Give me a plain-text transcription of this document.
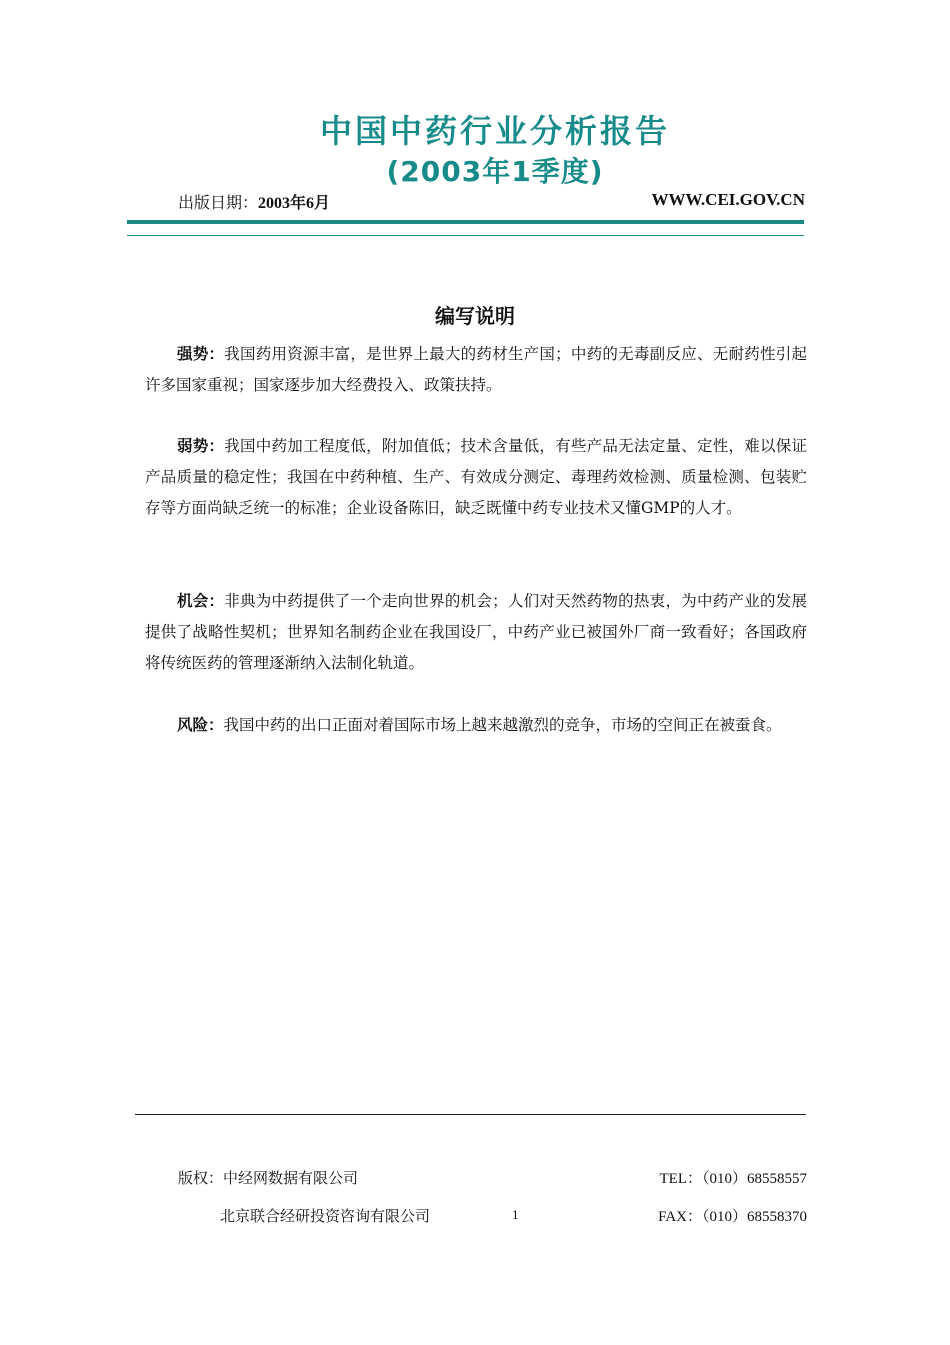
中国中药行业分析报告
(2003年1季度)
出版日期：2003年6月	WWW.CEI.GOV.CN
编写说明
强势：我国药用资源丰富，是世界上最大的药材生产国；中药的无毒副反应、无耐药性引起许多国家重视；国家逐步加大经费投入、政策扶持。
弱势：我国中药加工程度低，附加值低；技术含量低，有些产品无法定量、定性，难以保证产品质量的稳定性；我国在中药种植、生产、有效成分测定、毒理药效检测、质量检测、包装贮存等方面尚缺乏统一的标准；企业设备陈旧，缺乏既懂中药专业技术又懂GMP的人才。
机会：非典为中药提供了一个走向世界的机会；人们对天然药物的热衷，为中药产业的发展提供了战略性契机；世界知名制药企业在我国设厂，中药产业已被国外厂商一致看好；各国政府将传统医药的管理逐渐纳入法制化轨道。
风险：我国中药的出口正面对着国际市场上越来越激烈的竞争，市场的空间正在被蚕食。
版权：中经网数据有限公司	TEL：（010）68558557
北京联合经研投资咨询有限公司	1	FAX：（010）68558370
